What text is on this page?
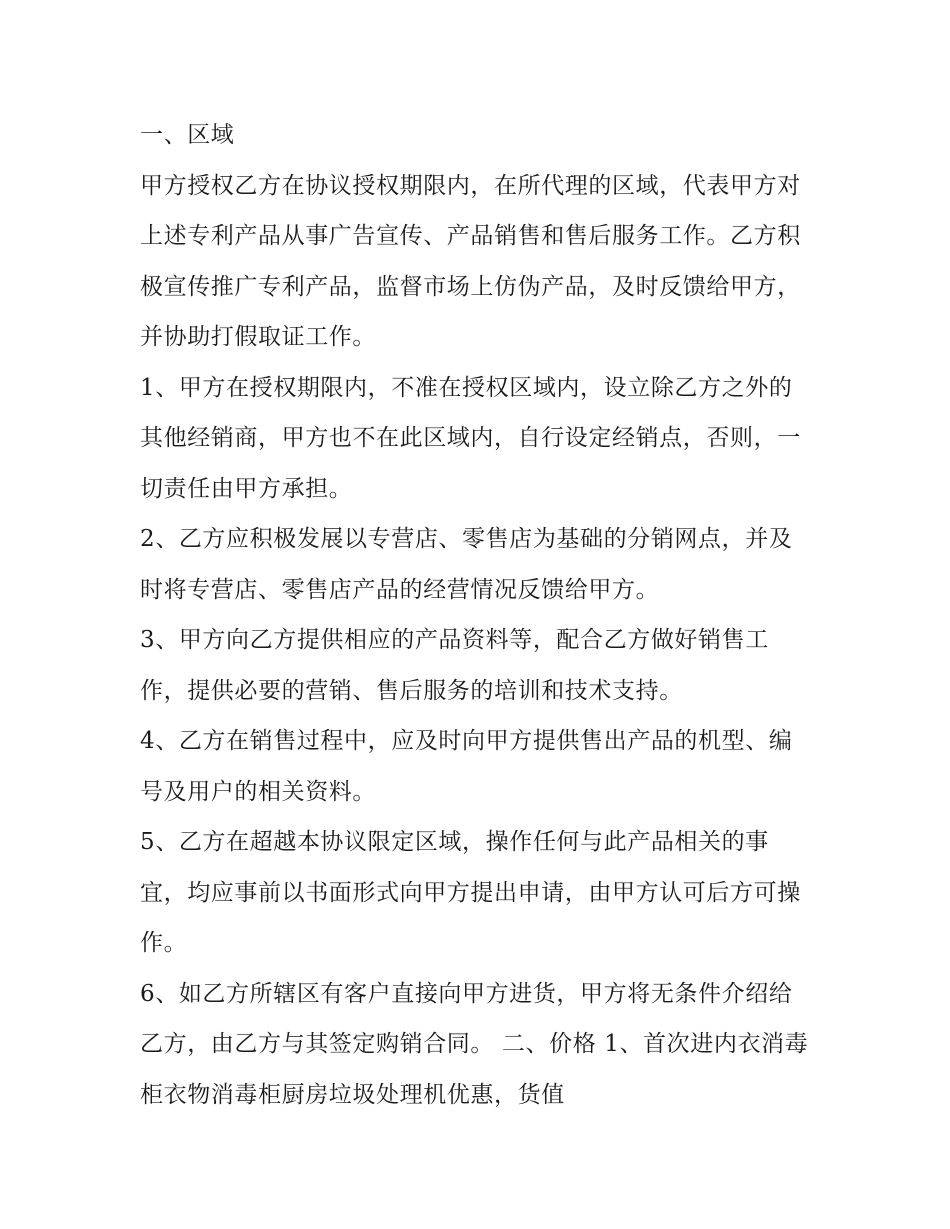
一、区域

甲方授权乙方在协议授权期限内，在所代理的区域，代表甲方对上述专利产品从事广告宣传、产品销售和售后服务工作。乙方积极宣传推广专利产品，监督市场上仿伪产品，及时反馈给甲方，并协助打假取证工作。

1、甲方在授权期限内，不准在授权区域内，设立除乙方之外的其他经销商，甲方也不在此区域内，自行设定经销点，否则，一切责任由甲方承担。

2、乙方应积极发展以专营店、零售店为基础的分销网点，并及时将专营店、零售店产品的经营情况反馈给甲方。

3、甲方向乙方提供相应的产品资料等，配合乙方做好销售工作，提供必要的营销、售后服务的培训和技术支持。

4、乙方在销售过程中，应及时向甲方提供售出产品的机型、编号及用户的相关资料。

5、乙方在超越本协议限定区域，操作任何与此产品相关的事宜，均应事前以书面形式向甲方提出申请，由甲方认可后方可操作。

6、如乙方所辖区有客户直接向甲方进货，甲方将无条件介绍给乙方，由乙方与其签定购销合同。 二、价格 1、首次进内衣消毒柜衣物消毒柜厨房垃圾处理机优惠，货值
